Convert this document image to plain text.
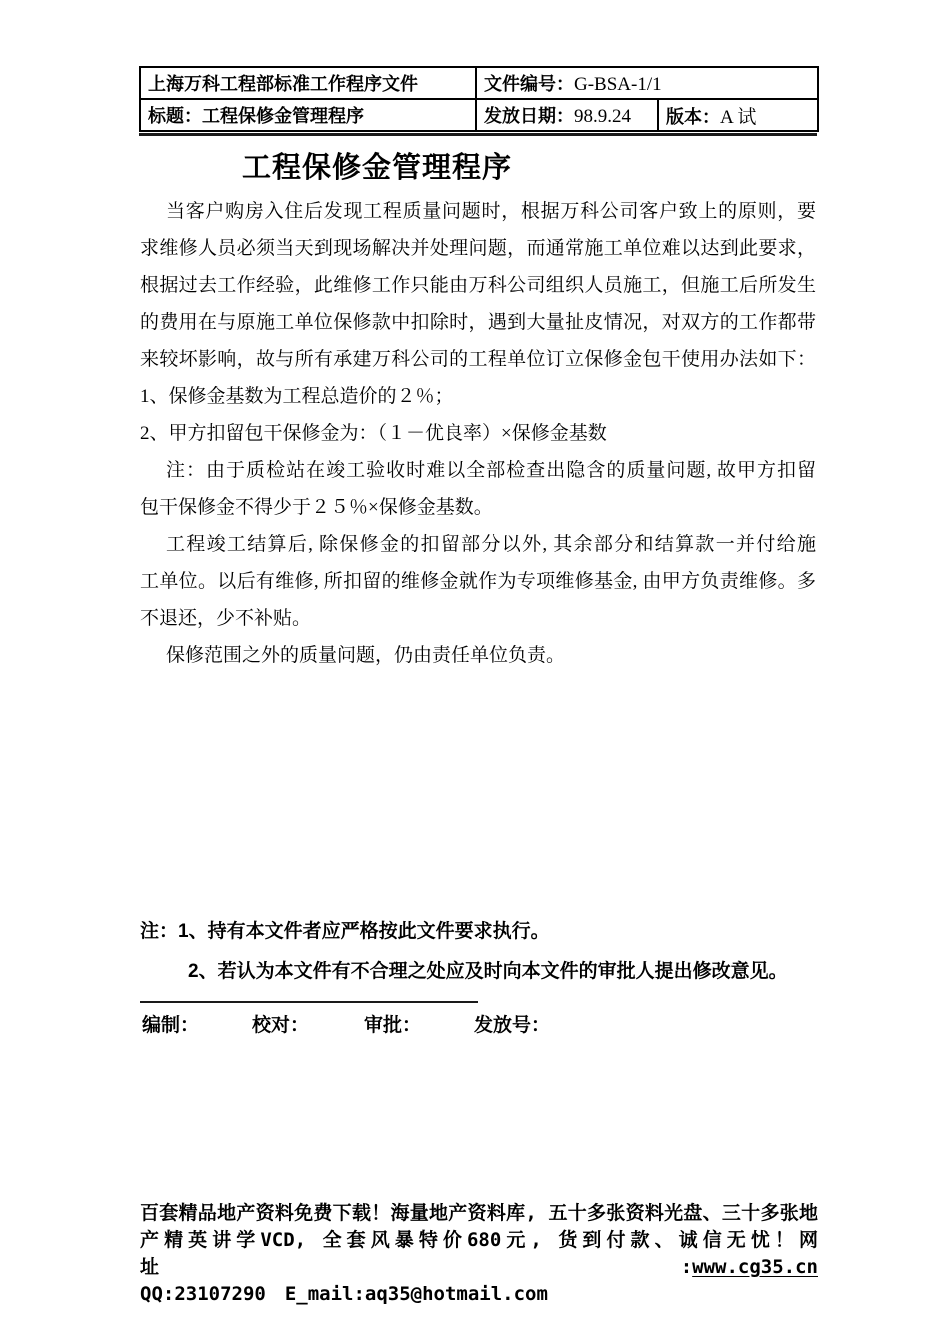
上海万科工程部标准工作程序文件	文件编号：G-BSA-1/1	
标题：工程保修金管理程序	发放日期：98.9.24	版本：A 试
工程保修金管理程序
当客户购房入住后发现工程质量问题时，根据万科公司客户致上的原则，要
求维修人员必须当天到现场解决并处理问题，而通常施工单位难以达到此要求，
根据过去工作经验，此维修工作只能由万科公司组织人员施工，但施工后所发生
的费用在与原施工单位保修款中扣除时，遇到大量扯皮情况，对双方的工作都带
来较坏影响，故与所有承建万科公司的工程单位订立保修金包干使用办法如下：
1、保修金基数为工程总造价的２％；
2、甲方扣留包干保修金为：（１－优良率）×保修金基数
注：由于质检站在竣工验收时难以全部检查出隐含的质量问题, 故甲方扣留
包干保修金不得少于２５％×保修金基数。
工程竣工结算后, 除保修金的扣留部分以外, 其余部分和结算款一并付给施
工单位。以后有维修, 所扣留的维修金就作为专项维修基金, 由甲方负责维修。多
不退还，少不补贴。
保修范围之外的质量问题，仍由责任单位负责。
注：1、持有本文件者应严格按此文件要求执行。
2、若认为本文件有不合理之处应及时向本文件的审批人提出修改意见。
编制：	校对：	审批：	发放号：
百套精品地产资料免费下载！海量地产资料库, 五十多张资料光盘、三十多张地
产精英讲学VCD, 全套风暴特价680元, 货到付款、诚信无忧！网址:www.cg35.cn
QQ:23107290　E_mail:aq35@hotmail.com
